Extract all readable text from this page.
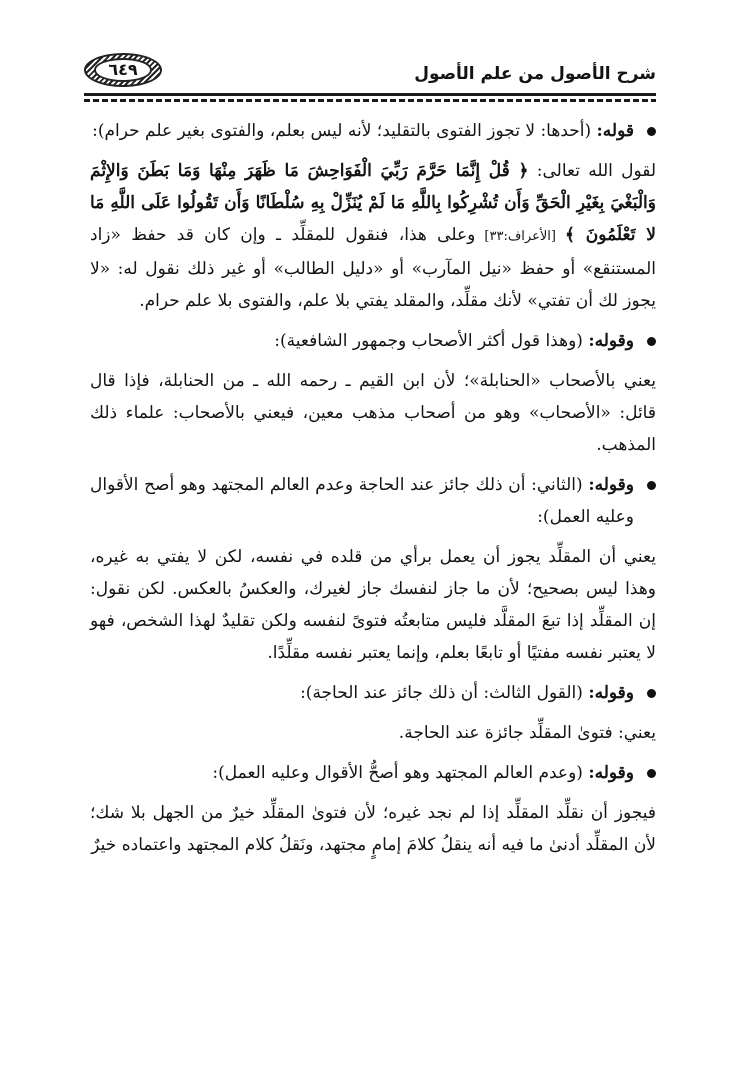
شرح الأصول من علم الأصول
٦٤٩

قوله: (أحدها: لا تجوز الفتوى بالتقليد؛ لأنه ليس بعلم، والفتوى بغير علم حرام):

لقول الله تعالى: ﴿ قُلْ إِنَّمَا حَرَّمَ رَبِّيَ الْفَوَاحِشَ مَا ظَهَرَ مِنْهَا وَمَا بَطَنَ وَالإِثْمَ وَالْبَغْيَ بِغَيْرِ الْحَقِّ وَأَن تُشْرِكُوا بِاللَّهِ مَا لَمْ يُنَزِّلْ بِهِ سُلْطَانًا وَأَن تَقُولُوا عَلَى اللَّهِ مَا لا تَعْلَمُونَ ﴾ [الأعراف:٣٣] وعلى هذا، فنقول للمقلِّد ـ وإن كان قد حفظ «زاد المستنقع» أو حفظ «نيل المآرب» أو «دليل الطالب» أو غير ذلك نقول له: «لا يجوز لك أن تفتي» لأنك مقلِّد، والمقلد يفتي بلا علم، والفتوى بلا علم حرام.

وقوله: (وهذا قول أكثر الأصحاب وجمهور الشافعية):

يعني بالأصحاب «الحنابلة»؛ لأن ابن القيم ـ رحمه الله ـ من الحنابلة، فإذا قال قائل: «الأصحاب» وهو من أصحاب مذهب معين، فيعني بالأصحاب: علماء ذلك المذهب.

وقوله: (الثاني: أن ذلك جائز عند الحاجة وعدم العالم المجتهد وهو أصح الأقوال وعليه العمل):

يعني أن المقلِّد يجوز أن يعمل برأي من قلده في نفسه، لكن لا يفتي به غيره، وهذا ليس بصحيح؛ لأن ما جاز لنفسك جاز لغيرك، والعكسُ بالعكس. لكن نقول: إن المقلِّد إذا تبعَ المقلَّد فليس متابعتُه فتوىً لنفسه ولكن تقليدٌ لهذا الشخص، فهو لا يعتبر نفسه مفتيًا أو تابعًا بعلم، وإنما يعتبر نفسه مقلِّدًا.

وقوله: (القول الثالث: أن ذلك جائز عند الحاجة):

يعني: فتوىٰ المقلِّد جائزة عند الحاجة.

وقوله: (وعدم العالم المجتهد وهو أصحُّ الأقوال وعليه العمل):

فيجوز أن نقلِّد المقلِّد إذا لم نجد غيره؛ لأن فتوىٰ المقلِّد خيرٌ من الجهل بلا شك؛ لأن المقلِّد أدنىٰ ما فيه أنه ينقلُ كلامَ إمامٍ مجتهد، ونَقلُ كلام المجتهد واعتماده خيرٌ
